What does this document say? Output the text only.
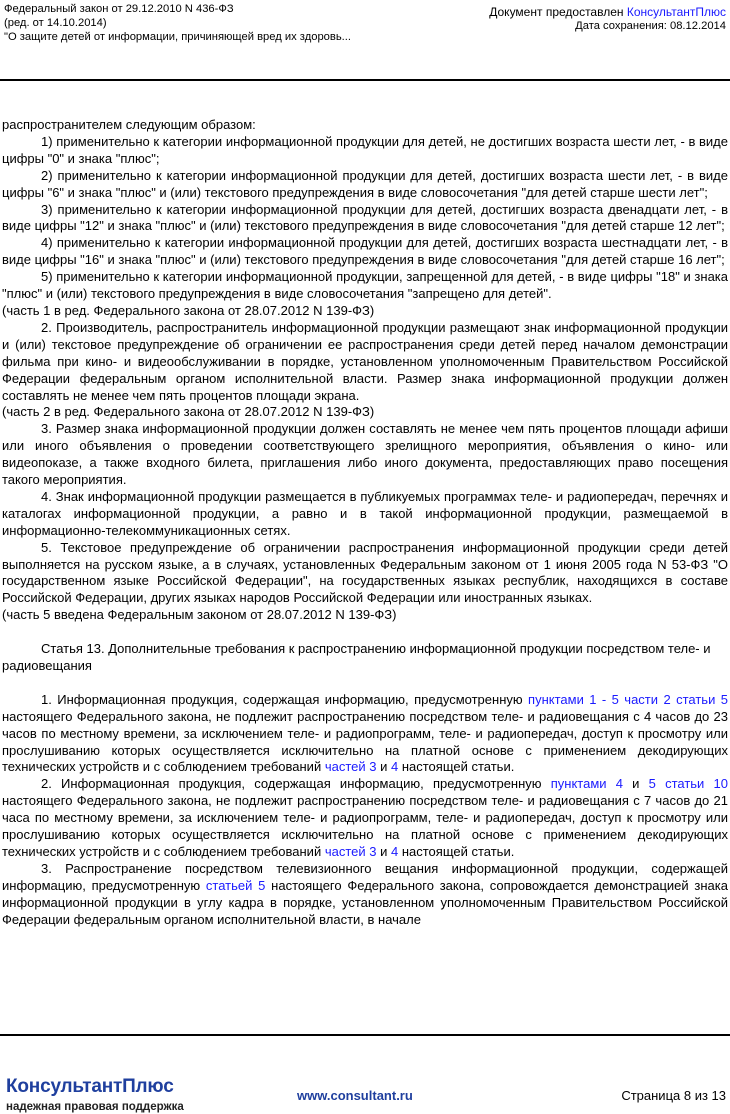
Федеральный закон от 29.12.2010 N 436-ФЗ
(ред. от 14.10.2014)
"О защите детей от информации, причиняющей вред их здоровь...
Документ предоставлен КонсультантПлюс
Дата сохранения: 08.12.2014

распространителем следующим образом:

1) применительно к категории информационной продукции для детей, не достигших возраста шести лет, - в виде цифры "0" и знака "плюс";

2) применительно к категории информационной продукции для детей, достигших возраста шести лет, - в виде цифры "6" и знака "плюс" и (или) текстового предупреждения в виде словосочетания "для детей старше шести лет";

3) применительно к категории информационной продукции для детей, достигших возраста двенадцати лет, - в виде цифры "12" и знака "плюс" и (или) текстового предупреждения в виде словосочетания "для детей старше 12 лет";

4) применительно к категории информационной продукции для детей, достигших возраста шестнадцати лет, - в виде цифры "16" и знака "плюс" и (или) текстового предупреждения в виде словосочетания "для детей старше 16 лет";

5) применительно к категории информационной продукции, запрещенной для детей, - в виде цифры "18" и знака "плюс" и (или) текстового предупреждения в виде словосочетания "запрещено для детей".

(часть 1 в ред. Федерального закона от 28.07.2012 N 139-ФЗ)

2. Производитель, распространитель информационной продукции размещают знак информационной продукции и (или) текстовое предупреждение об ограничении ее распространения среди детей перед началом демонстрации фильма при кино- и видеообслуживании в порядке, установленном уполномоченным Правительством Российской Федерации федеральным органом исполнительной власти. Размер знака информационной продукции должен составлять не менее чем пять процентов площади экрана.

(часть 2 в ред. Федерального закона от 28.07.2012 N 139-ФЗ)

3. Размер знака информационной продукции должен составлять не менее чем пять процентов площади афиши или иного объявления о проведении соответствующего зрелищного мероприятия, объявления о кино- или видеопоказе, а также входного билета, приглашения либо иного документа, предоставляющих право посещения такого мероприятия.

4. Знак информационной продукции размещается в публикуемых программах теле- и радиопередач, перечнях и каталогах информационной продукции, а равно и в такой информационной продукции, размещаемой в информационно-телекоммуникационных сетях.

5. Текстовое предупреждение об ограничении распространения информационной продукции среди детей выполняется на русском языке, а в случаях, установленных Федеральным законом от 1 июня 2005 года N 53-ФЗ "О государственном языке Российской Федерации", на государственных языках республик, находящихся в составе Российской Федерации, других языках народов Российской Федерации или иностранных языках.

(часть 5 введена Федеральным законом от 28.07.2012 N 139-ФЗ)

Статья 13. Дополнительные требования к распространению информационной продукции посредством теле- и радиовещания

1. Информационная продукция, содержащая информацию, предусмотренную пунктами 1 - 5 части 2 статьи 5 настоящего Федерального закона, не подлежит распространению посредством теле- и радиовещания с 4 часов до 23 часов по местному времени, за исключением теле- и радиопрограмм, теле- и радиопередач, доступ к просмотру или прослушиванию которых осуществляется исключительно на платной основе с применением декодирующих технических устройств и с соблюдением требований частей 3 и 4 настоящей статьи.

2. Информационная продукция, содержащая информацию, предусмотренную пунктами 4 и 5 статьи 10 настоящего Федерального закона, не подлежит распространению посредством теле- и радиовещания с 7 часов до 21 часа по местному времени, за исключением теле- и радиопрограмм, теле- и радиопередач, доступ к просмотру или прослушиванию которых осуществляется исключительно на платной основе с применением декодирующих технических устройств и с соблюдением требований частей 3 и 4 настоящей статьи.

3. Распространение посредством телевизионного вещания информационной продукции, содержащей информацию, предусмотренную статьей 5 настоящего Федерального закона, сопровождается демонстрацией знака информационной продукции в углу кадра в порядке, установленном уполномоченным Правительством Российской Федерации федеральным органом исполнительной власти, в начале

КонсультантПлюс
надежная правовая поддержка
www.consultant.ru	Страница 8 из 13
